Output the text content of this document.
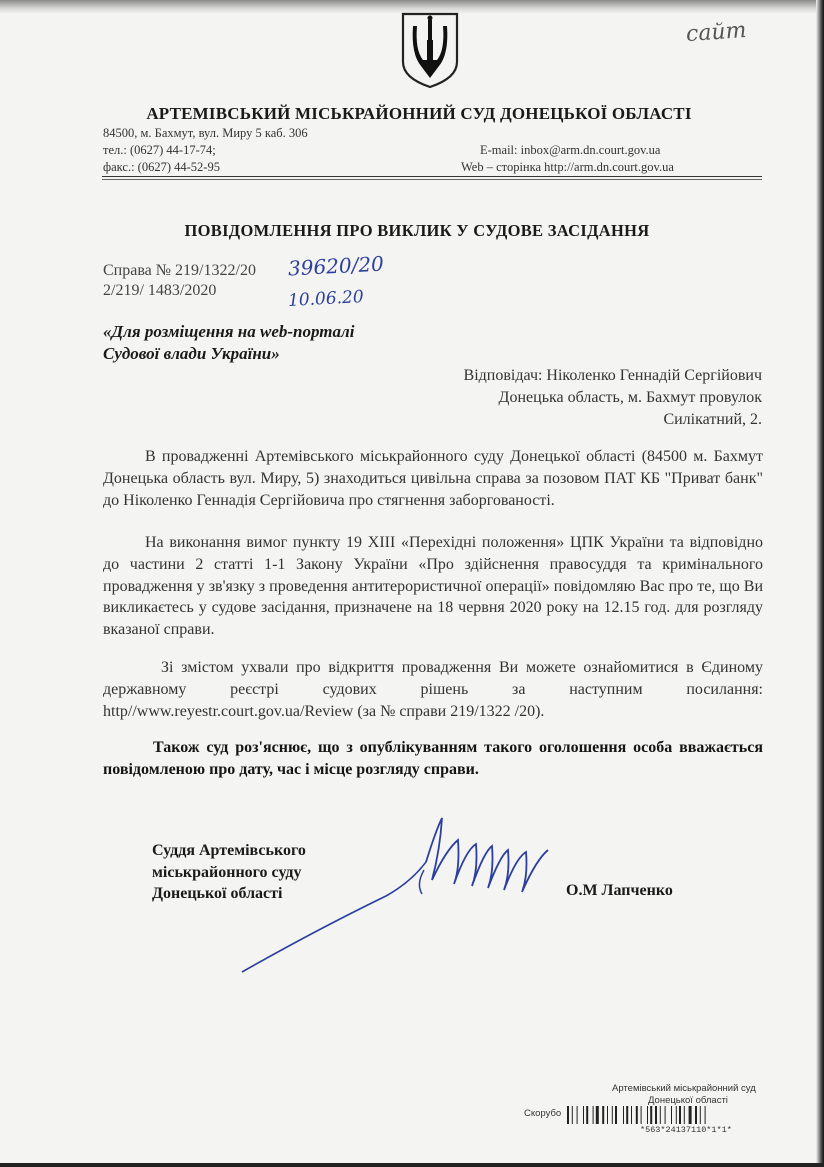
сайт
АРТЕМІВСЬКИЙ МІСЬКРАЙОННИЙ СУД ДОНЕЦЬКОЇ ОБЛАСТІ
84500, м. Бахмут, вул. Миру 5 каб. 306
тел.: (0627) 44-17-74;
факс.: (0627) 44-52-95
E-mail: inbox@arm.dn.court.gov.ua
Web – сторінка http://arm.dn.court.gov.ua
ПОВІДОМЛЕННЯ ПРО ВИКЛИК У СУДОВЕ ЗАСІДАННЯ
Справа № 219/1322/20
2/219/ 1483/2020
39620/20
10.06.20
«Для розміщення на web-порталі Судової влади України»
Відповідач: Ніколенко Геннадій Сергійович
Донецька область, м. Бахмут провулок
Силікатний, 2.
В провадженні Артемівського міськрайонного суду Донецької області (84500 м. Бахмут Донецька область вул. Миру, 5) знаходиться цивільна справа за позовом ПАТ КБ "Приват банк" до Ніколенко Геннадія Сергійовича про стягнення заборгованості.
На виконання вимог пункту 19 XIII «Перехідні положення» ЦПК України та відповідно до частини 2 статті 1-1 Закону України «Про здійснення правосуддя та кримінального провадження у зв'язку з проведення антитерористичної операції» повідомляю Вас про те, що Ви викликаєтесь у судове засідання, призначене на 18 червня 2020 року на 12.15 год. для розгляду вказаної справи.
Зі змістом ухвали про відкриття провадження Ви можете ознайомитися в Єдиному державному реєстрі судових рішень за наступним посилання: http//www.reyestr.court.gov.ua/Review (за № справи 219/1322 /20).
Також суд роз'яснює, що з опублікуванням такого оголошення особа вважається повідомленою про дату, час і місце розгляду справи.
Суддя Артемівського
міськрайонного суду
Донецької області	О.М Лапченко
Артемівський міськрайонний суд
Донецької області
Скорубо
*563*24137110*1*1*
